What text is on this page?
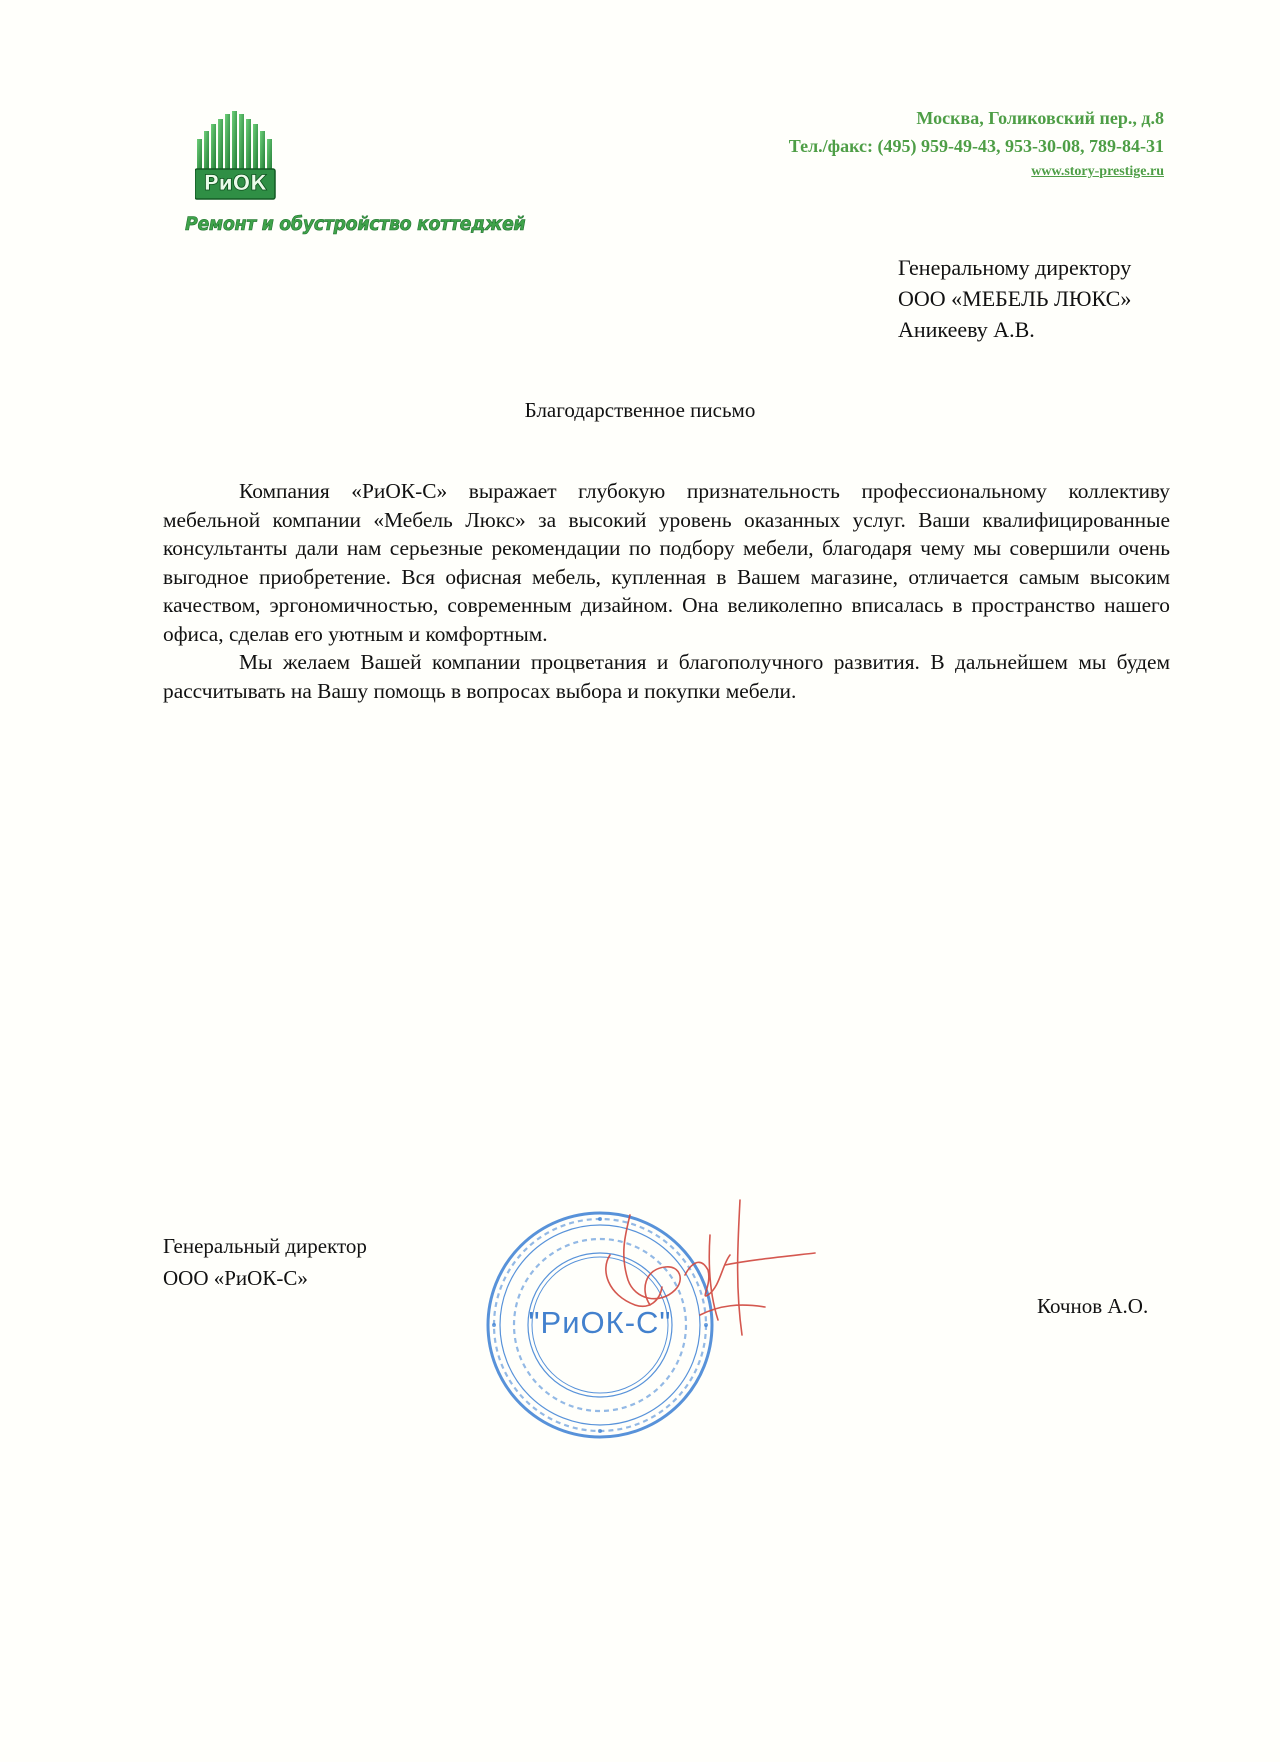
РиОК
Ремонт и обустройство коттеджей
Москва, Голиковский пер., д.8
Тел./факс: (495) 959-49-43, 953-30-08, 789-84-31
www.story-prestige.ru
Генеральному директору
ООО «МЕБЕЛЬ ЛЮКС»
Аникееву А.В.
Благодарственное письмо

Компания «РиОК-С» выражает глубокую признательность профессиональному коллективу мебельной компании «Мебель Люкс» за высокий уровень оказанных услуг. Ваши квалифицированные консультанты дали нам серьезные рекомендации по подбору мебели, благодаря чему мы совершили очень выгодное приобретение. Вся офисная мебель, купленная в Вашем магазине, отличается самым высоким качеством, эргономичностью, современным дизайном. Она великолепно вписалась в пространство нашего офиса, сделав его уютным и комфортным.

Мы желаем Вашей компании процветания и благополучного развития. В дальнейшем мы будем рассчитывать на Вашу помощь в вопросах выбора и покупки мебели.

Генеральный директор
ООО «РиОК-С»
Кочнов А.О.
"РиОК-С"
